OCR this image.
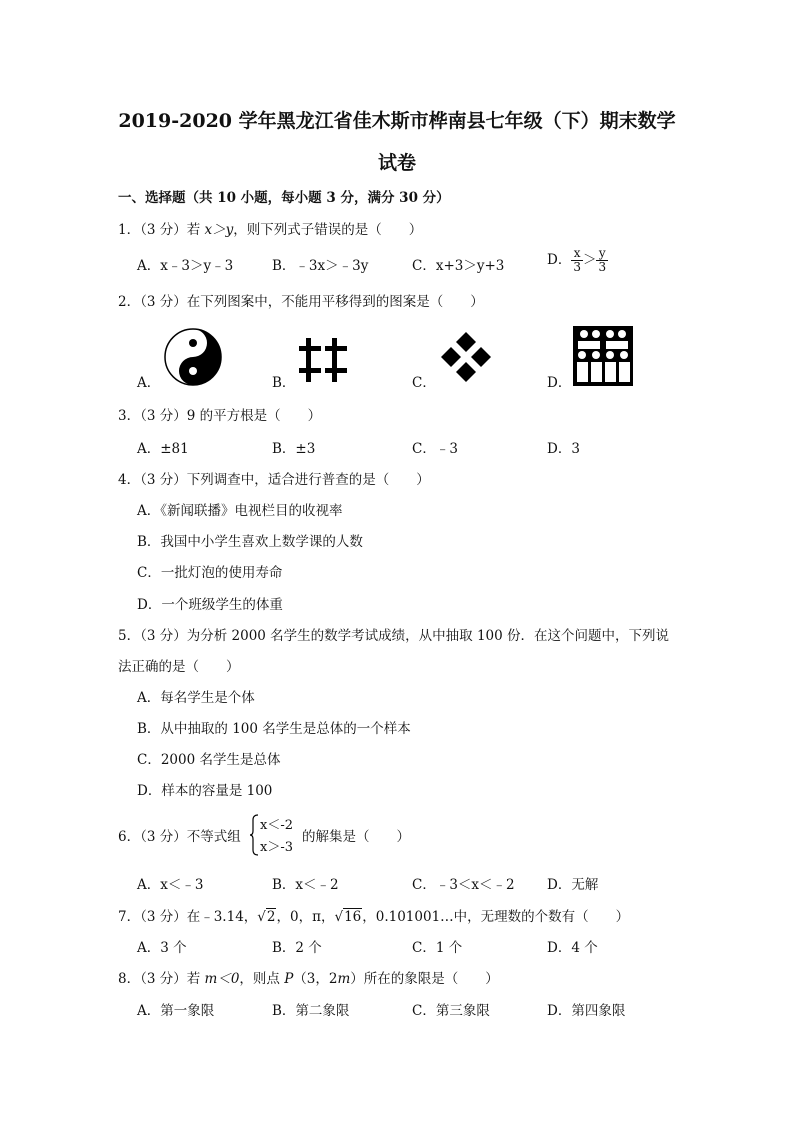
2019-2020 学年黑龙江省佳木斯市桦南县七年级（下）期末数学
试卷
一、选择题（共 10 小题，每小题 3 分，满分 30 分）
1．（3 分）若 x＞y，则下列式子错误的是（　　）
A．x﹣3＞y﹣3	B．﹣3x＞﹣3y	C．x+3＞y+3	D． $\frac{x}{3} > \frac{y}{3}$
2．（3 分）在下列图案中，不能用平移得到的图案是（　　）
A．	B．	C．	D．
3．（3 分）9 的平方根是（　　）
A．±81	B．±3	C．﹣3	D．3
4．（3 分）下列调查中，适合进行普查的是（　　）
A．《新闻联播》电视栏目的收视率
B．我国中小学生喜欢上数学课的人数
C．一批灯泡的使用寿命
D．一个班级学生的体重
5．（3 分）为分析 2000 名学生的数学考试成绩，从中抽取 100 份．在这个问题中，下列说
法正确的是（　　）
A．每名学生是个体
B．从中抽取的 100 名学生是总体的一个样本
C．2000 名学生是总体
D．样本的容量是 100
6．（3 分）不等式组
x＜-2
x＞-3
的解集是（　　）
A．x＜﹣3	B．x＜﹣2	C．﹣3＜x＜﹣2 D．无解
7．（3 分）在﹣3.14，√2，0，π，√16，0.101001…中，无理数的个数有（　　）
A．3 个	B．2 个	C．1 个	D．4 个
8．（3 分）若 m＜0，则点 P（3，2m）所在的象限是（　　）
A．第一象限	B．第二象限	C．第三象限	D．第四象限
